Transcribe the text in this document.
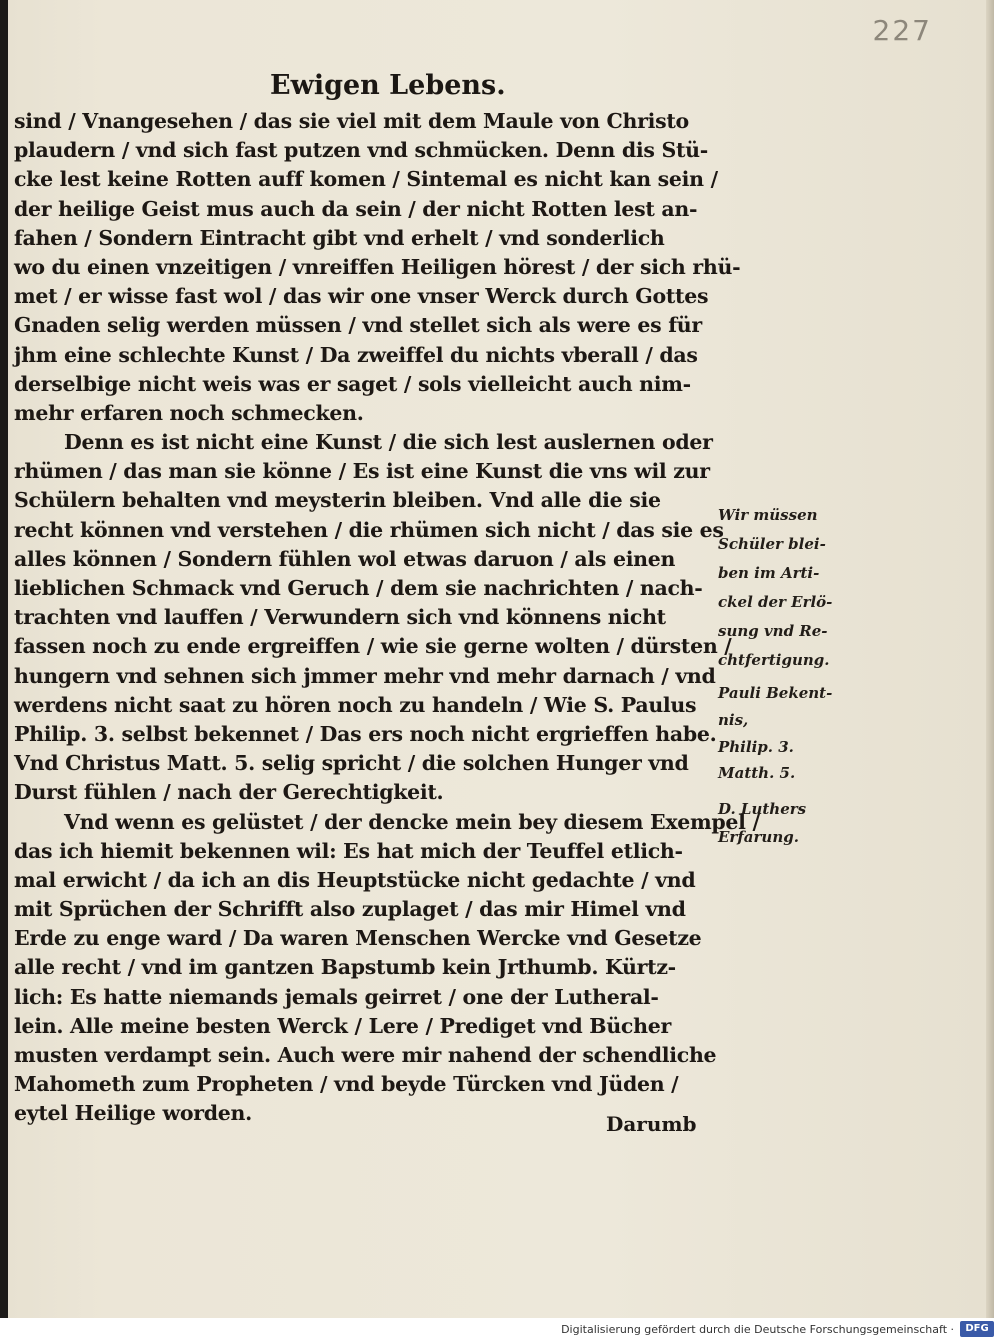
227
Ewigen Lebens.
sind / Vnangesehen / das sie viel mit dem Maule von Christo
plaudern / vnd sich fast putzen vnd schmücken. Denn dis Stü-
cke lest keine Rotten auff komen / Sintemal es nicht kan sein /
der heilige Geist mus auch da sein / der nicht Rotten lest an-
fahen / Sondern Eintracht gibt vnd erhelt / vnd sonderlich
wo du einen vnzeitigen / vnreiffen Heiligen hörest / der sich rhü-
met / er wisse fast wol / das wir one vnser Werck durch Gottes
Gnaden selig werden müssen / vnd stellet sich als were es für
jhm eine schlechte Kunst / Da zweiffel du nichts vberall / das
derselbige nicht weis was er saget / sols vielleicht auch nim-
mehr erfaren noch schmecken.
Denn es ist nicht eine Kunst / die sich lest auslernen oder
rhümen / das man sie könne / Es ist eine Kunst die vns wil zur
Schülern behalten vnd meysterin bleiben. Vnd alle die sie
recht können vnd verstehen / die rhümen sich nicht / das sie es
alles können / Sondern fühlen wol etwas daruon / als einen
lieblichen Schmack vnd Geruch / dem sie nachrichten / nach-
trachten vnd lauffen / Verwundern sich vnd könnens nicht
fassen noch zu ende ergreiffen / wie sie gerne wolten / dürsten /
hungern vnd sehnen sich jmmer mehr vnd mehr darnach / vnd
werdens nicht saat zu hören noch zu handeln / Wie S. Paulus
Philip. 3. selbst bekennet / Das ers noch nicht ergrieffen habe.
Vnd Christus Matt. 5. selig spricht / die solchen Hunger vnd
Durst fühlen / nach der Gerechtigkeit.
Vnd wenn es gelüstet / der dencke mein bey diesem Exempel /
das ich hiemit bekennen wil: Es hat mich der Teuffel etlich-
mal erwicht / da ich an dis Heuptstücke nicht gedachte / vnd
mit Sprüchen der Schrifft also zuplaget / das mir Himel vnd
Erde zu enge ward / Da waren Menschen Wercke vnd Gesetze
alle recht / vnd im gantzen Bapstumb kein Jrthumb. Kürtz-
lich: Es hatte niemands jemals geirret / one der Lutheral-
lein. Alle meine besten Werck / Lere / Prediget vnd Bücher
musten verdampt sein. Auch were mir nahend der schendliche
Mahometh zum Propheten / vnd beyde Türcken vnd Jüden /
eytel Heilige worden.
Wir müssen
Schüler blei-
ben im Arti-
ckel der Erlö-
sung vnd Re-
chtfertigung.
Pauli Bekent-
nis,
Philip. 3.
Matth. 5.
D. Luthers
Erfarung.
Darumb
Digitalisierung gefördert durch die Deutsche Forschungsgemeinschaft ·	DFG
